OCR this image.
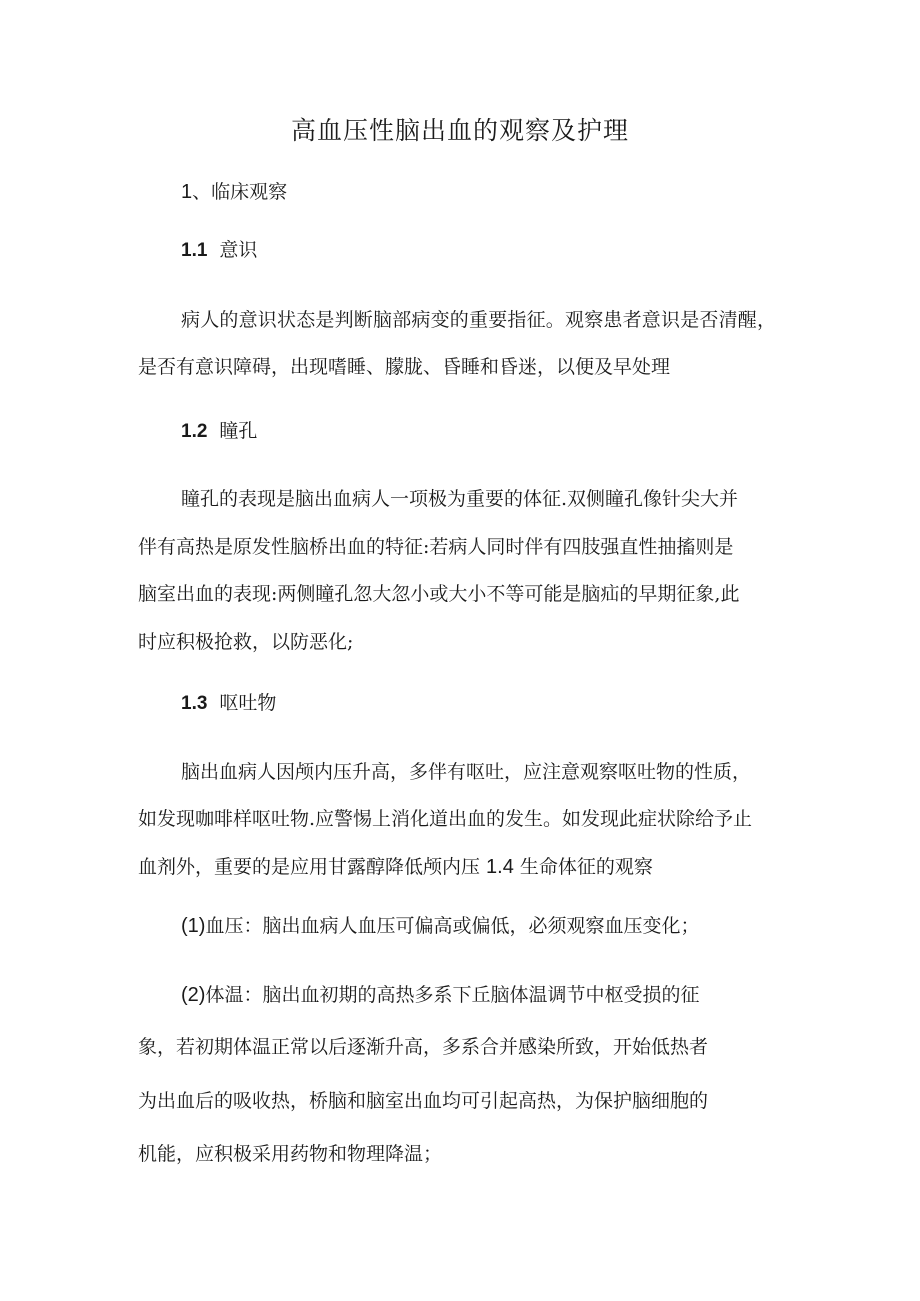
高血压性脑出血的观察及护理
1、临床观察
1.1 意识
病人的意识状态是判断脑部病变的重要指征。观察患者意识是否清醒，
是否有意识障碍，出现嗜睡、朦胧、昏睡和昏迷，以便及早处理
1.2 瞳孔
瞳孔的表现是脑出血病人一项极为重要的体征.双侧瞳孔像针尖大并
伴有高热是原发性脑桥出血的特征:若病人同时伴有四肢强直性抽搐则是
脑室出血的表现:两侧瞳孔忽大忽小或大小不等可能是脑疝的早期征象,此
时应积极抢救，以防恶化;
1.3 呕吐物
脑出血病人因颅内压升高，多伴有呕吐，应注意观察呕吐物的性质，
如发现咖啡样呕吐物.应警惕上消化道出血的发生。如发现此症状除给予止
血剂外，重要的是应用甘露醇降低颅内压 1.4 生命体征的观察
(1)血压：脑出血病人血压可偏高或偏低，必须观察血压变化；
(2)体温：脑出血初期的高热多系下丘脑体温调节中枢受损的征
象，若初期体温正常以后逐渐升高，多系合并感染所致，开始低热者
为出血后的吸收热，桥脑和脑室出血均可引起高热，为保护脑细胞的
机能，应积极采用药物和物理降温；
